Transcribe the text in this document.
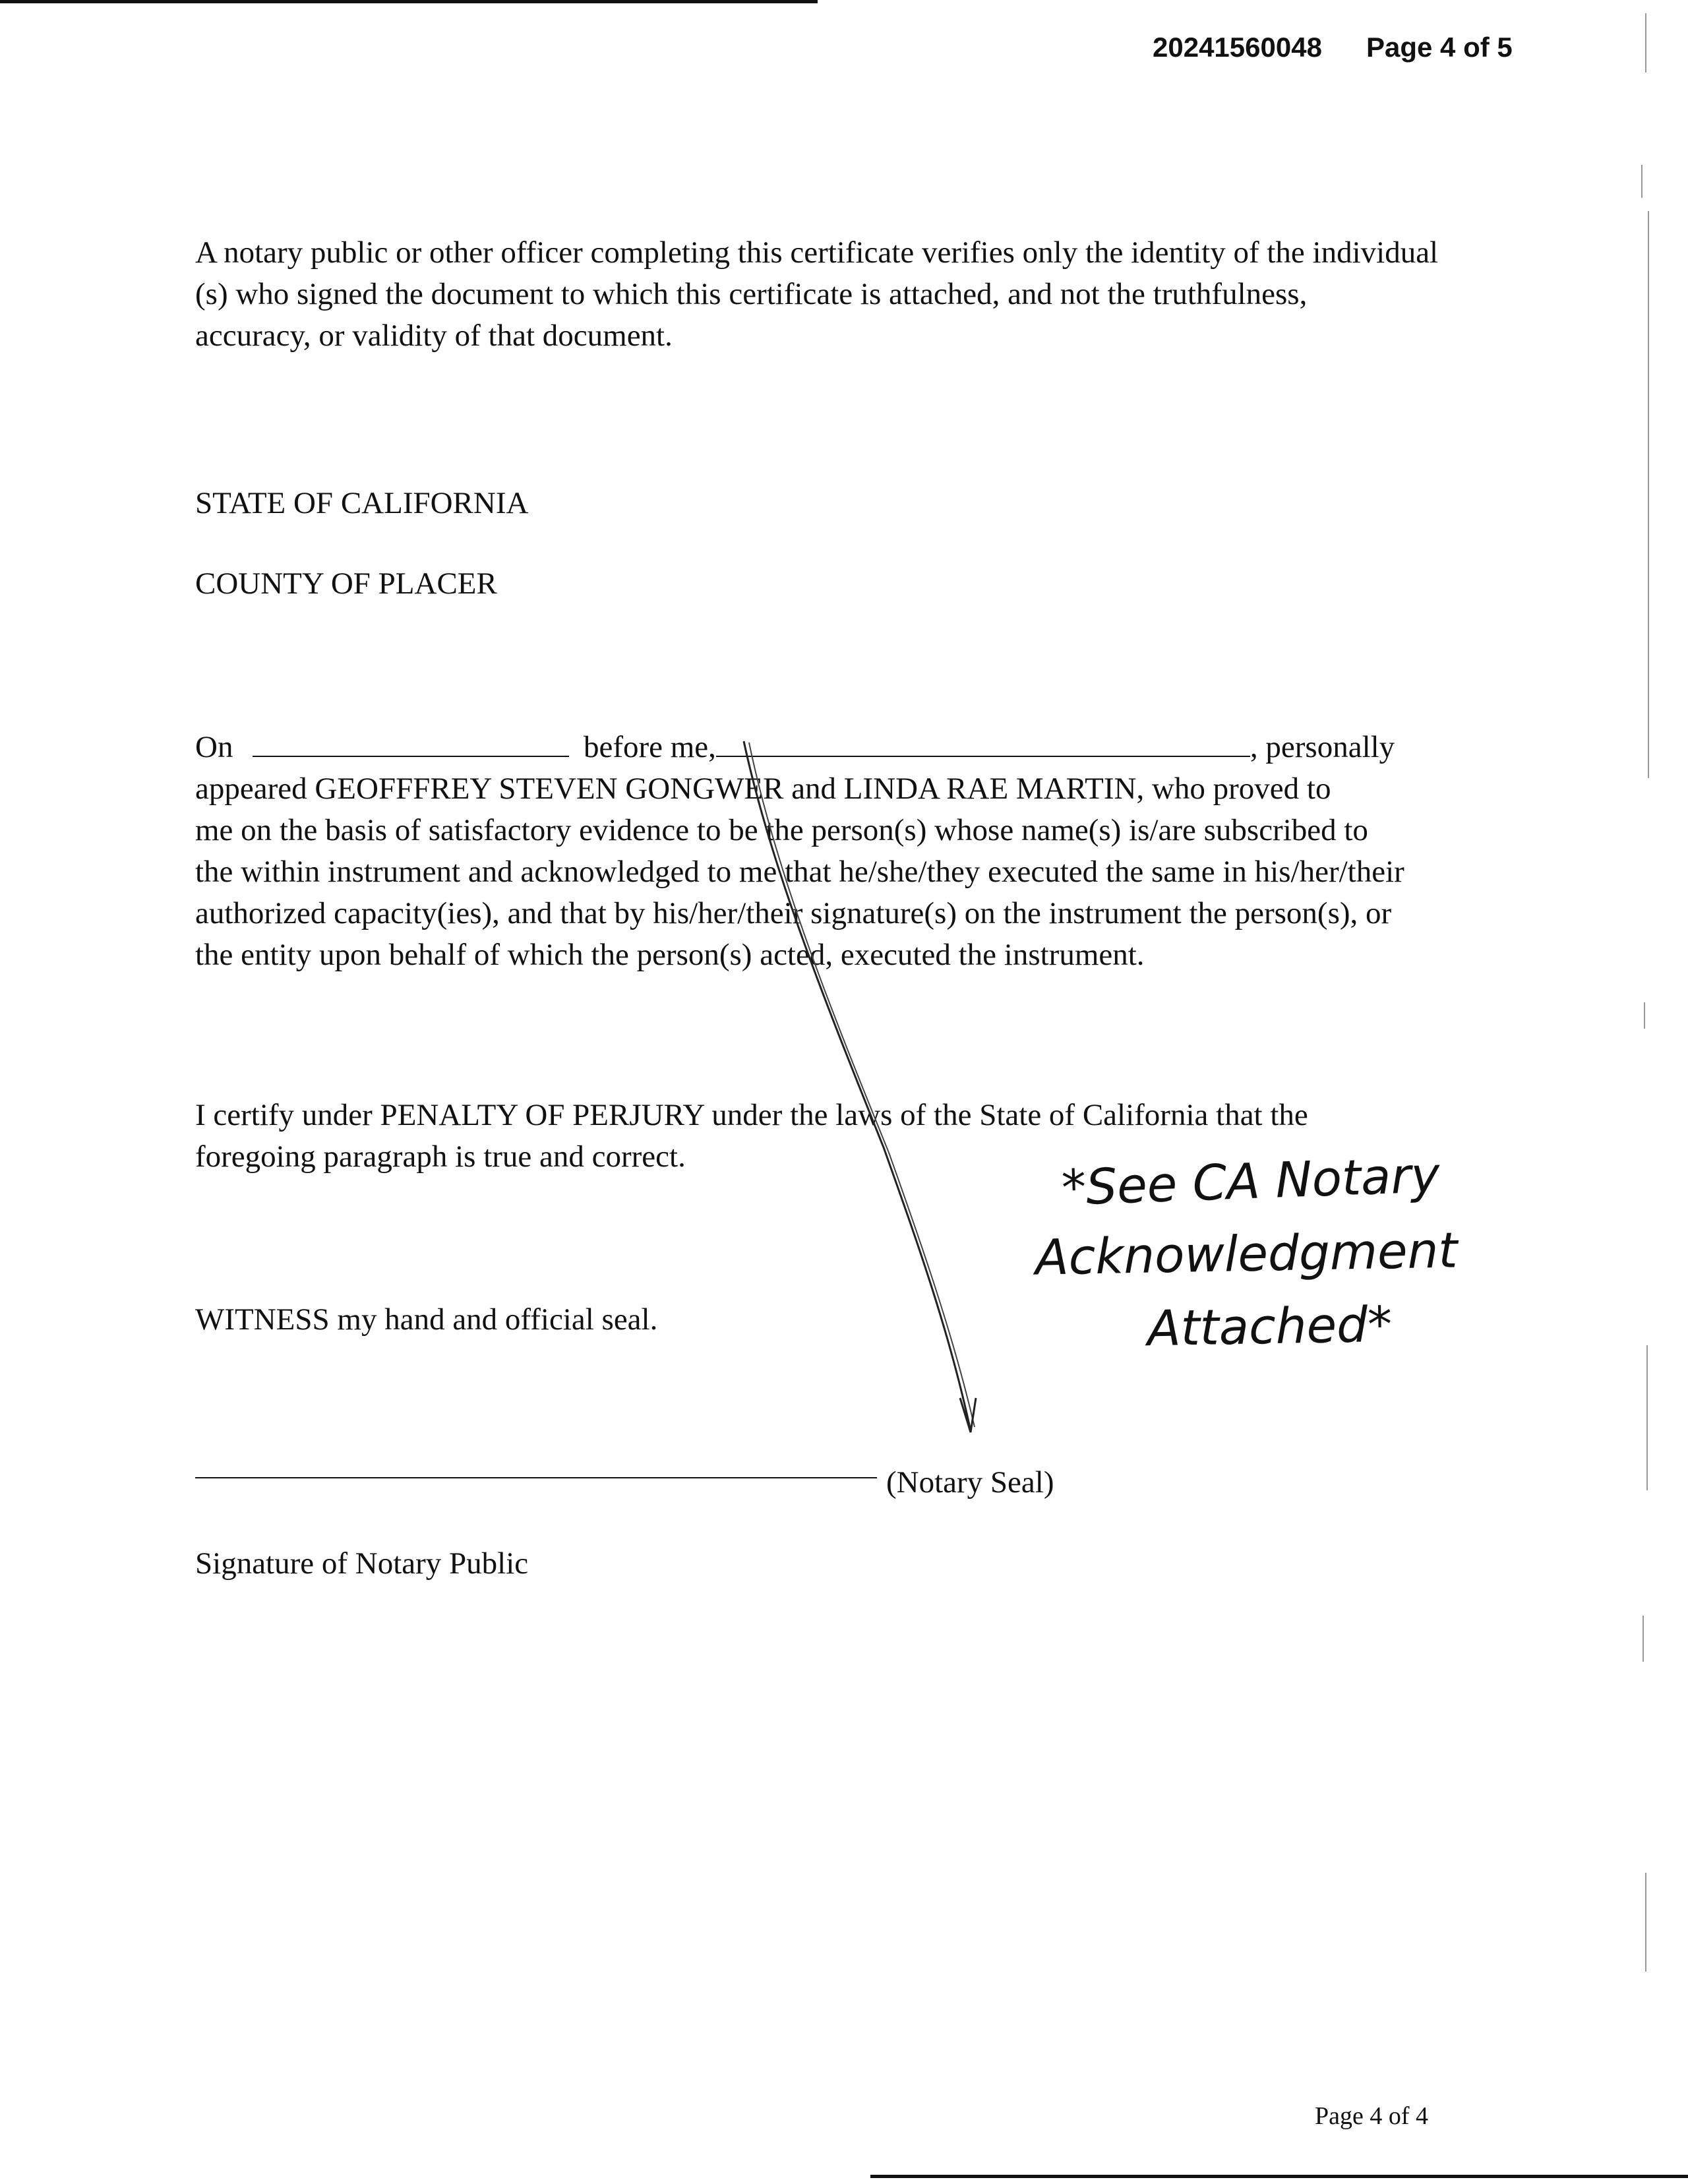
20241560048 Page 4 of 5
A notary public or other officer completing this certificate verifies only the identity of the individual
(s) who signed the document to which this certificate is attached, and not the truthfulness,
accuracy, or validity of that document.
STATE OF CALIFORNIA
COUNTY OF PLACER
On	before me,	, personally
appeared GEOFFFREY STEVEN GONGWER and LINDA RAE MARTIN, who proved to
me on the basis of satisfactory evidence to be the person(s) whose name(s) is/are subscribed to
the within instrument and acknowledged to me that he/she/they executed the same in his/her/their
authorized capacity(ies), and that by his/her/their signature(s) on the instrument the person(s), or
the entity upon behalf of which the person(s) acted, executed the instrument.
I certify under PENALTY OF PERJURY under the laws of the State of California that the
foregoing paragraph is true and correct.
WITNESS my hand and official seal.
(Notary Seal)
Signature of Notary Public
*See CA Notary
Acknowledgment
Attached*
Page 4 of 4
